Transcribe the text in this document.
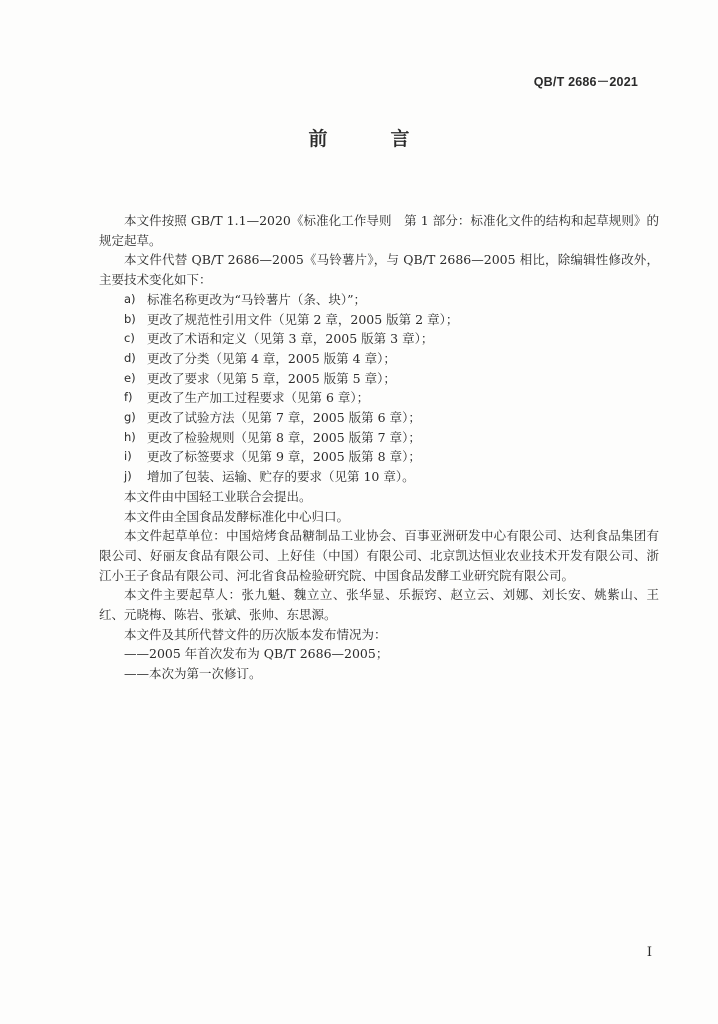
QB/T 2686－2021
前　言

本文件按照 GB/T 1.1—2020《标准化工作导则　第 1 部分：标准化文件的结构和起草规则》的规定起草。

本文件代替 QB/T 2686—2005《马铃薯片》，与 QB/T 2686—2005 相比，除编辑性修改外，主要技术变化如下：

a) 标准名称更改为“马铃薯片（条、块）”；
b) 更改了规范性引用文件（见第 2 章，2005 版第 2 章）；
c) 更改了术语和定义（见第 3 章，2005 版第 3 章）；
d) 更改了分类（见第 4 章，2005 版第 4 章）；
e) 更改了要求（见第 5 章，2005 版第 5 章）；
f)	更改了生产加工过程要求（见第 6 章）；
g) 更改了试验方法（见第 7 章，2005 版第 6 章）；
h) 更改了检验规则（见第 8 章，2005 版第 7 章）；
i)	更改了标签要求（见第 9 章，2005 版第 8 章）；
j)	增加了包装、运输、贮存的要求（见第 10 章）。

本文件由中国轻工业联合会提出。

本文件由全国食品发酵标准化中心归口。

本文件起草单位：中国焙烤食品糖制品工业协会、百事亚洲研发中心有限公司、达利食品集团有限公司、好丽友食品有限公司、上好佳（中国）有限公司、北京凯达恒业农业技术开发有限公司、浙江小王子食品有限公司、河北省食品检验研究院、中国食品发酵工业研究院有限公司。

本文件主要起草人：张九魁、魏立立、张华显、乐振窍、赵立云、刘娜、刘长安、姚紫山、王红、元晓梅、陈岩、张斌、张帅、东思源。

本文件及其所代替文件的历次版本发布情况为：

——2005 年首次发布为 QB/T 2686—2005；

——本次为第一次修订。

I
